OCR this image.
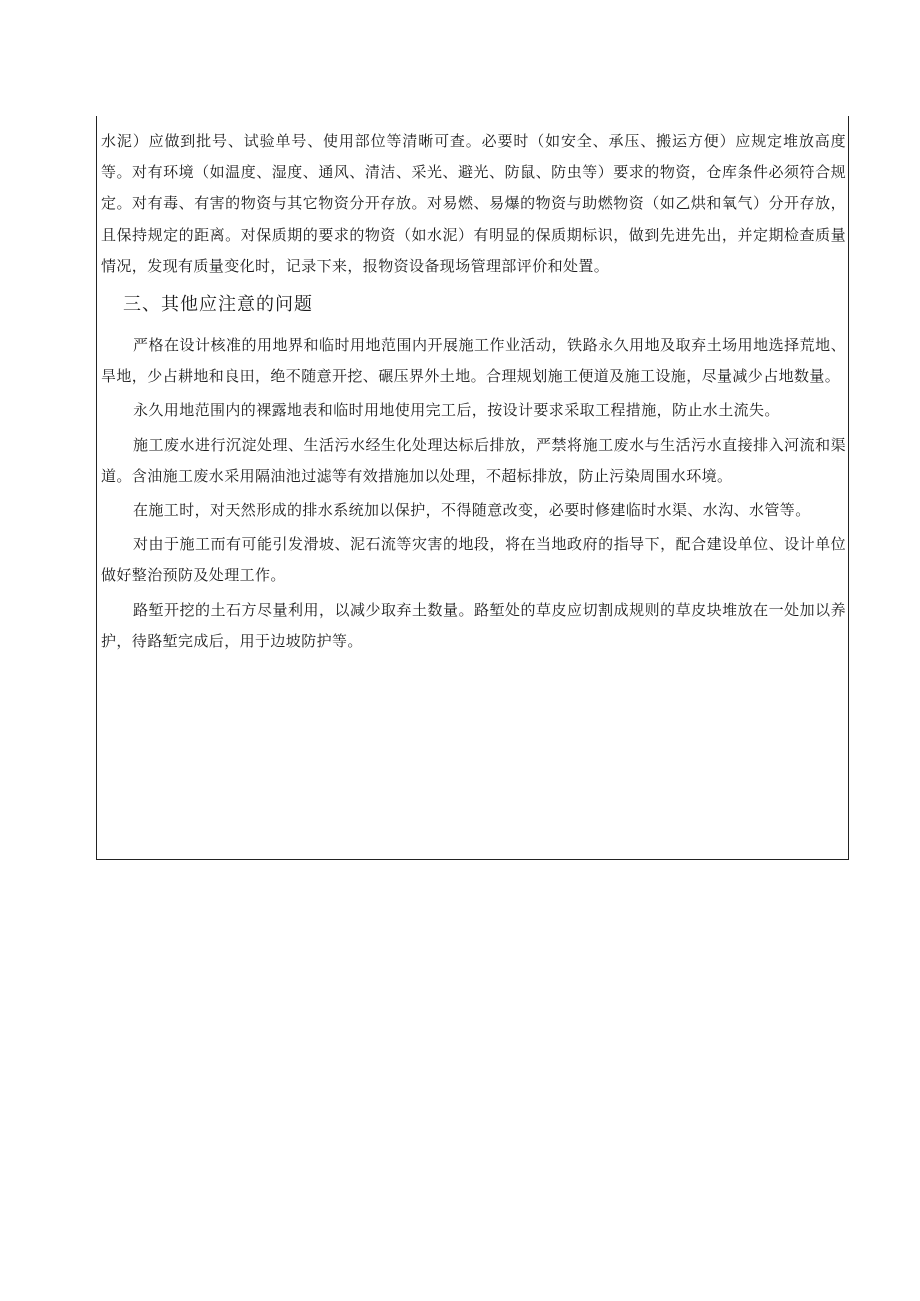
水泥）应做到批号、试验单号、使用部位等清晰可查。必要时（如安全、承压、搬运方便）应规定堆放高度等。对有环境（如温度、湿度、通风、清洁、采光、避光、防鼠、防虫等）要求的物资，仓库条件必须符合规定。对有毒、有害的物资与其它物资分开存放。对易燃、易爆的物资与助燃物资（如乙烘和氧气）分开存放，且保持规定的距离。对保质期的要求的物资（如水泥）有明显的保质期标识，做到先进先出，并定期检查质量情况，发现有质量变化时，记录下来，报物资设备现场管理部评价和处置。

三、其他应注意的问题

严格在设计核准的用地界和临时用地范围内开展施工作业活动，铁路永久用地及取弃土场用地选择荒地、旱地，少占耕地和良田，绝不随意开挖、碾压界外土地。合理规划施工便道及施工设施，尽量减少占地数量。

永久用地范围内的裸露地表和临时用地使用完工后，按设计要求采取工程措施，防止水土流失。

施工废水进行沉淀处理、生活污水经生化处理达标后排放，严禁将施工废水与生活污水直接排入河流和渠道。含油施工废水采用隔油池过滤等有效措施加以处理，不超标排放，防止污染周围水环境。

在施工时，对天然形成的排水系统加以保护，不得随意改变，必要时修建临时水渠、水沟、水管等。

对由于施工而有可能引发滑坡、泥石流等灾害的地段，将在当地政府的指导下，配合建设单位、设计单位做好整治预防及处理工作。

路堑开挖的土石方尽量利用，以减少取弃土数量。路堑处的草皮应切割成规则的草皮块堆放在一处加以养护，待路堑完成后，用于边坡防护等。
